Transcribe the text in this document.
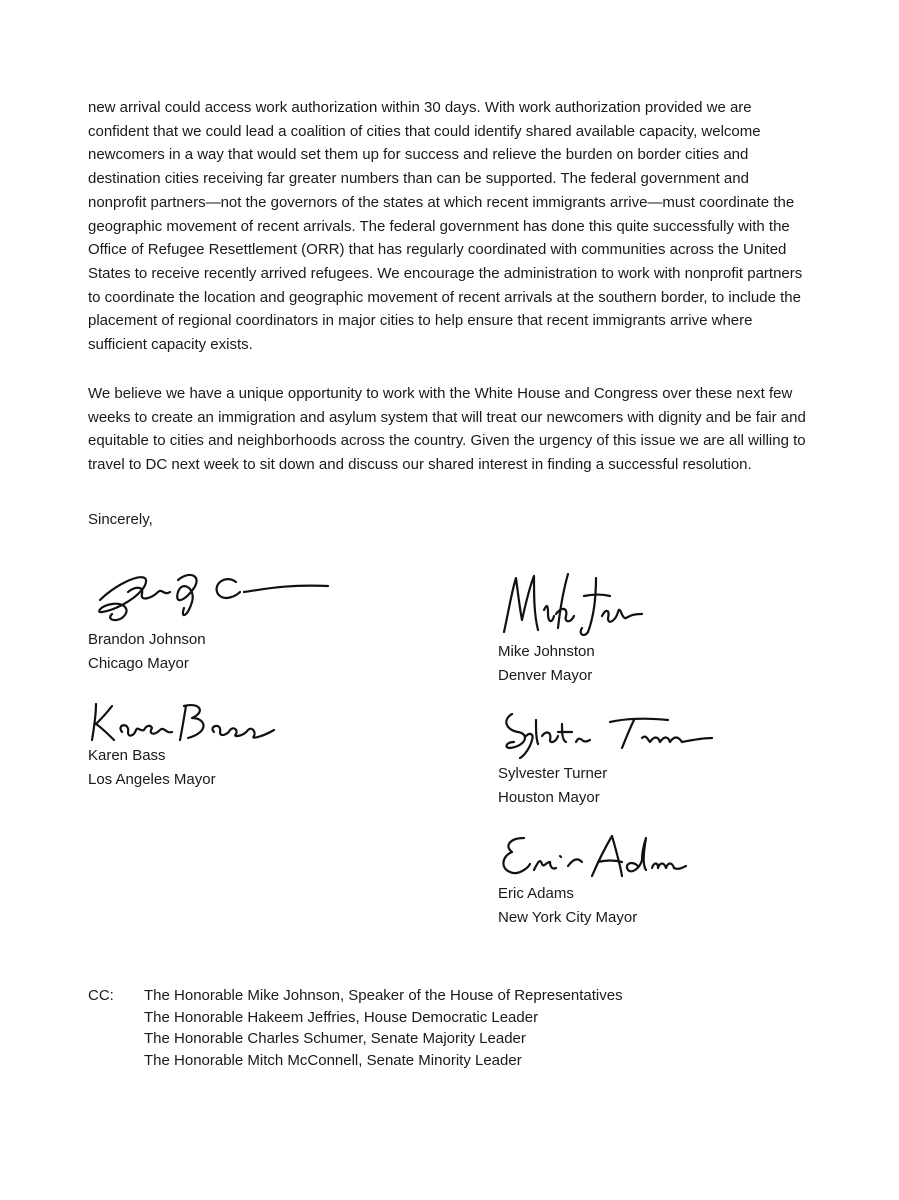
new arrival could access work authorization within 30 days. With work authorization provided we are
confident that we could lead a coalition of cities that could identify shared available capacity, welcome
newcomers in a way that would set them up for success and relieve the burden on border cities and
destination cities receiving far greater numbers than can be supported. The federal government and
nonprofit partners—not the governors of the states at which recent immigrants arrive—must coordinate the
geographic movement of recent arrivals. The federal government has done this quite successfully with the
Office of Refugee Resettlement (ORR) that has regularly coordinated with communities across the United
States to receive recently arrived refugees. We encourage the administration to work with nonprofit partners
to coordinate the location and geographic movement of recent arrivals at the southern border, to include the
placement of regional coordinators in major cities to help ensure that recent immigrants arrive where
sufficient capacity exists.

We believe we have a unique opportunity to work with the White House and Congress over these next few
weeks to create an immigration and asylum system that will treat our newcomers with dignity and be fair and
equitable to cities and neighborhoods across the country. Given the urgency of this issue we are all willing to
travel to DC next week to sit down and discuss our shared interest in finding a successful resolution.

Sincerely,
Brandon Johnson
Chicago Mayor
Mike Johnston
Denver Mayor
Karen Bass
Los Angeles Mayor	Sylvester Turner
Houston Mayor
Eric Adams
New York City Mayor
CC: The Honorable Mike Johnson, Speaker of the House of Representatives
The Honorable Hakeem Jeffries, House Democratic Leader
The Honorable Charles Schumer, Senate Majority Leader
The Honorable Mitch McConnell, Senate Minority Leader
